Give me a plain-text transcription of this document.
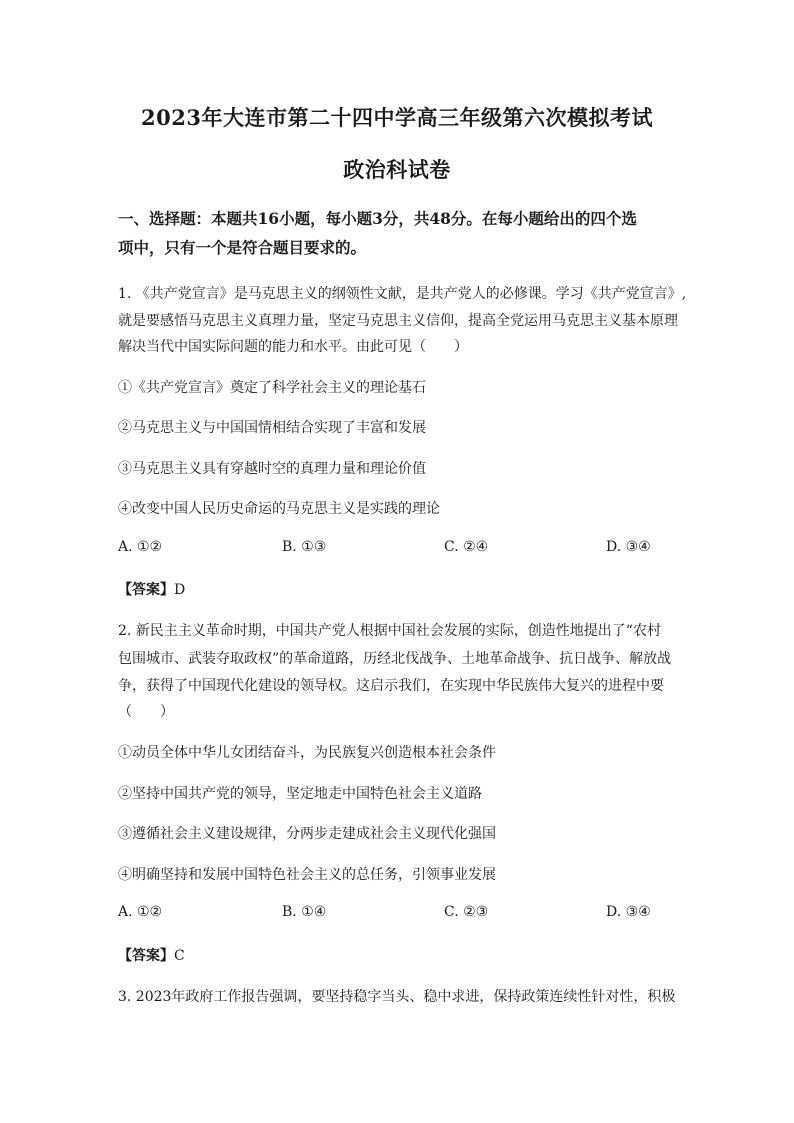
2023年大连市第二十四中学高三年级第六次模拟考试
政治科试卷
一、选择题：本题共16小题，每小题3分，共48分。在每小题给出的四个选
项中，只有一个是符合题目要求的。
1. 《共产党宣言》是马克思主义的纲领性文献，是共产党人的必修课。学习《共产党宣言》,
就是要感悟马克思主义真理力量，坚定马克思主义信仰，提高全党运用马克思主义基本原理
解决当代中国实际问题的能力和水平。由此可见（　　）
①《共产党宣言》奠定了科学社会主义的理论基石
②马克思主义与中国国情相结合实现了丰富和发展
③马克思主义具有穿越时空的真理力量和理论价值
④改变中国人民历史命运的马克思主义是实践的理论
A. ①②	B. ①③	C. ②④	D. ③④
【答案】D
2. 新民主主义革命时期，中国共产党人根据中国社会发展的实际，创造性地提出了“农村
包围城市、武装夺取政权”的革命道路，历经北伐战争、土地革命战争、抗日战争、解放战
争，获得了中国现代化建设的领导权。这启示我们，在实现中华民族伟大复兴的进程中要
（　　）
①动员全体中华儿女团结奋斗，为民族复兴创造根本社会条件
②坚持中国共产党的领导，坚定地走中国特色社会主义道路
③遵循社会主义建设规律，分两步走建成社会主义现代化强国
④明确坚持和发展中国特色社会主义的总任务，引领事业发展
A. ①②	B. ①④	C. ②③	D. ③④
【答案】C
3. 2023年政府工作报告强调，要坚持稳字当头、稳中求进，保持政策连续性针对性，积极
